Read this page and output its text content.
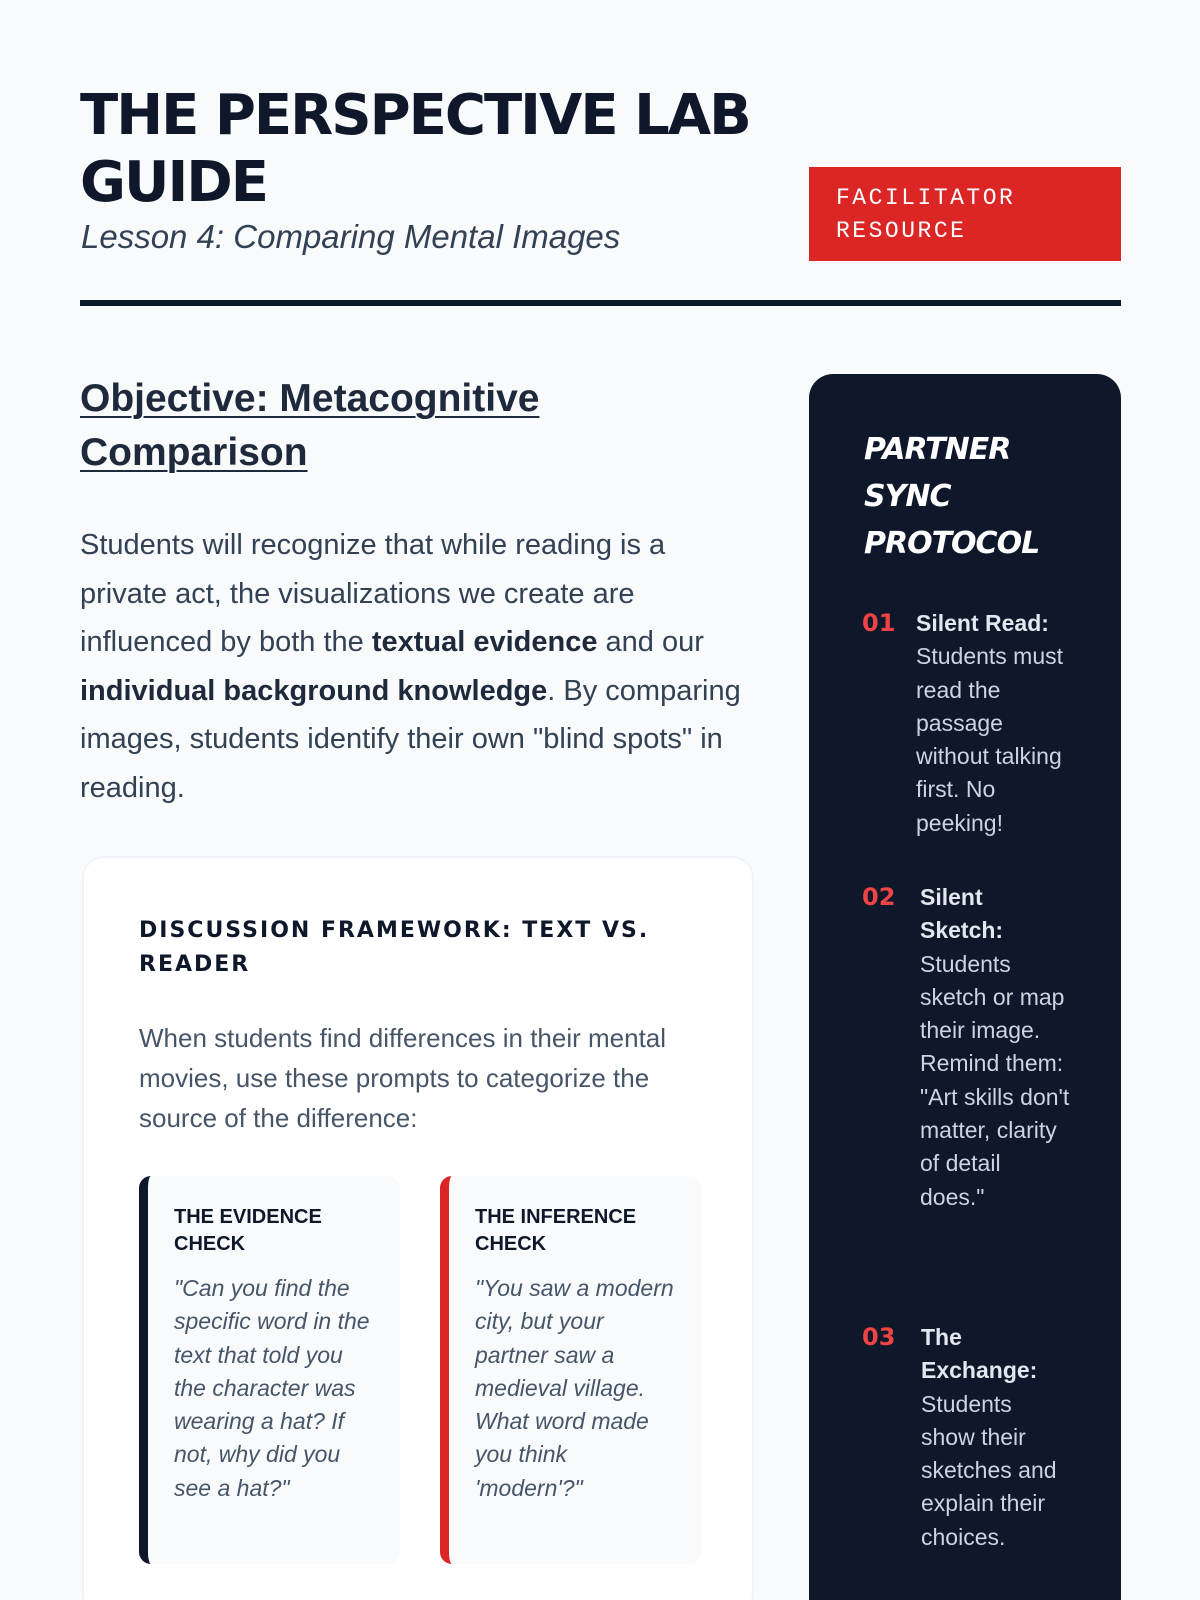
THE PERSPECTIVE LAB GUIDE
Lesson 4: Comparing Mental Images
FACILITATOR RESOURCE
Objective: Metacognitive Comparison

Students will recognize that while reading is a private act, the visualizations we create are influenced by both the textual evidence and our individual background knowledge. By comparing images, students identify their own "blind spots" in reading.

DISCUSSION FRAMEWORK: TEXT VS. READER

When students find differences in their mental movies, use these prompts to categorize the source of the difference:

THE EVIDENCE CHECK

"Can you find the specific word in the text that told you the character was wearing a hat? If not, why did you see a hat?"

THE INFERENCE CHECK

"You saw a modern city, but your partner saw a medieval village. What word made you think 'modern'?"

PARTNER SYNC PROTOCOL
01 Silent Read: Students must read the passage without talking first. No peeking!

02 Silent Sketch: Students sketch or map their image. Remind them: "Art skills don't matter, clarity of detail does."

03 The Exchange: Students show their sketches and explain their choices.
